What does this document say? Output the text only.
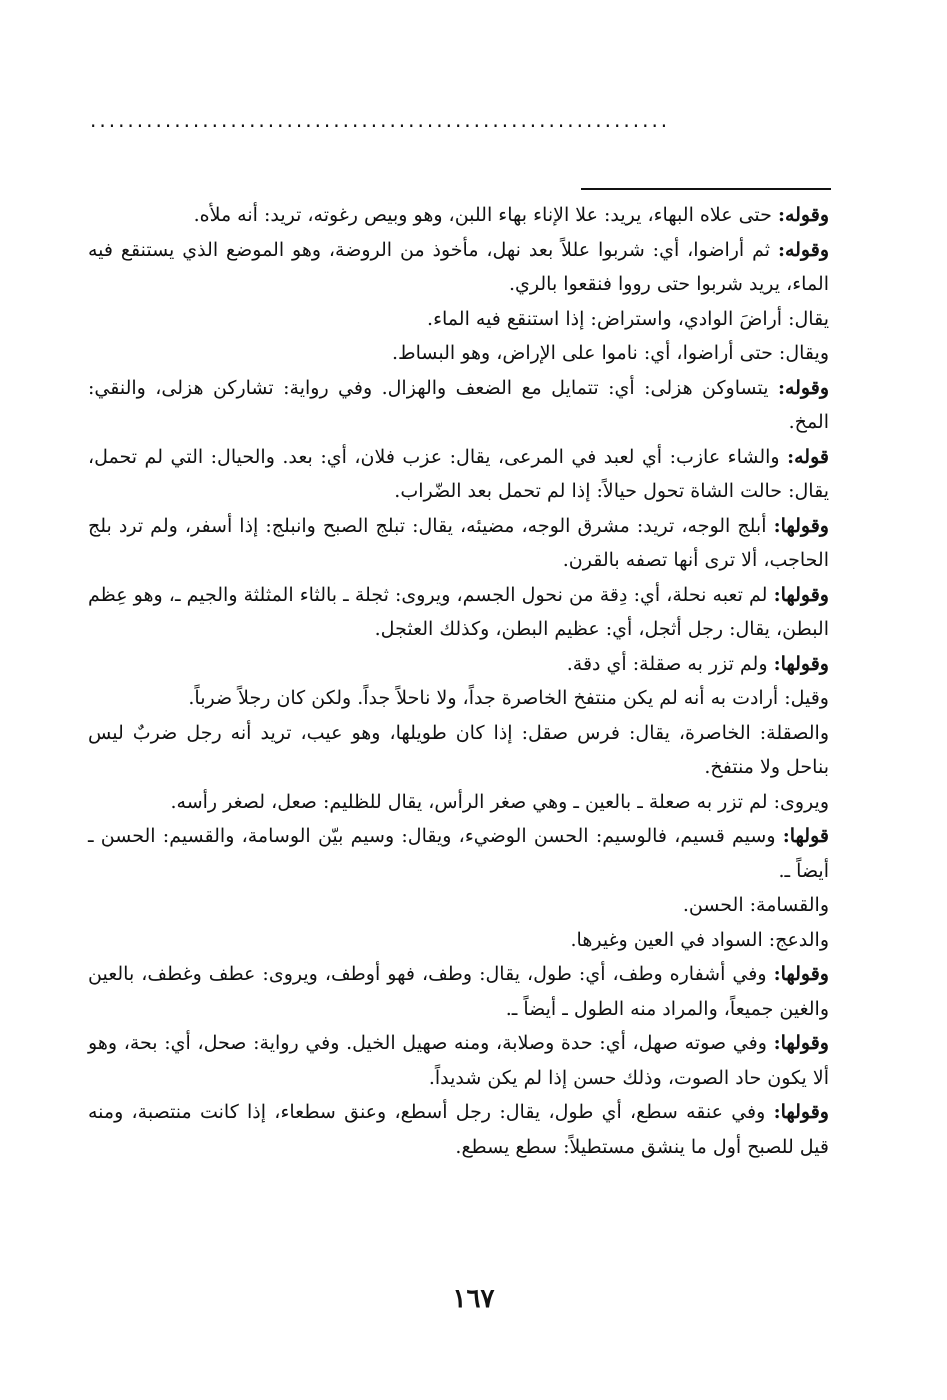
..............................................................

وقوله: حتى علاه البهاء، يريد: علا الإناء بهاء اللبن، وهو وبيص رغوته، تريد: أنه ملأه.

وقوله: ثم أراضوا، أي: شربوا عللاً بعد نهل، مأخوذ من الروضة، وهو الموضع الذي يستنقع فيه الماء، يريد شربوا حتى رووا فنقعوا بالري.

يقال: أراضَ الوادي، واستراض: إذا استنقع فيه الماء.

ويقال: حتى أراضوا، أي: ناموا على الإراض، وهو البساط.

وقوله: يتساوكن هزلى: أي: تتمايل مع الضعف والهزال. وفي رواية: تشاركن هزلى، والنقي: المخ.

قوله: والشاء عازب: أي لعبد في المرعى، يقال: عزب فلان، أي: بعد. والحيال: التي لم تحمل، يقال: حالت الشاة تحول حيالاً: إذا لم تحمل بعد الضّراب.

وقولها: أبلج الوجه، تريد: مشرق الوجه، مضيئه، يقال: تبلج الصبح وانبلج: إذا أسفر، ولم ترد بلج الحاجب، ألا ترى أنها تصفه بالقرن.

وقولها: لم تعبه نحلة، أي: دِقة من نحول الجسم، ويروى: ثجلة ـ بالثاء المثلثة والجيم ـ، وهو عِظم البطن، يقال: رجل أثجل، أي: عظيم البطن، وكذلك العثجل.

وقولها: ولم تزر به صقلة: أي دقة.

وقيل: أرادت به أنه لم يكن منتفخ الخاصرة جداً، ولا ناحلاً جداً. ولكن كان رجلاً ضرباً.

والصقلة: الخاصرة، يقال: فرس صقل: إذا كان طويلها، وهو عيب، تريد أنه رجل ضربٌ ليس بناحل ولا منتفخ.

ويروى: لم تزر به صعلة ـ بالعين ـ وهي صغر الرأس، يقال للظليم: صعل، لصغر رأسه.

قولها: وسيم قسيم، فالوسيم: الحسن الوضيء، ويقال: وسيم بيّن الوسامة، والقسيم: الحسن ـ أيضاً ـ.

والقسامة: الحسن.

والدعج: السواد في العين وغيرها.

وقولها: وفي أشفاره وطف، أي: طول، يقال: وطف، فهو أوطف، ويروى: عطف وغطف، بالعين والغين جميعاً، والمراد منه الطول ـ أيضاً ـ.

وقولها: وفي صوته صهل، أي: حدة وصلابة، ومنه صهيل الخيل. وفي رواية: صحل، أي: بحة، وهو ألا يكون حاد الصوت، وذلك حسن إذا لم يكن شديداً.

وقولها: وفي عنقه سطع، أي طول، يقال: رجل أسطع، وعنق سطعاء، إذا كانت منتصبة، ومنه قيل للصبح أول ما ينشق مستطيلاً: سطع يسطع.

١٦٧
